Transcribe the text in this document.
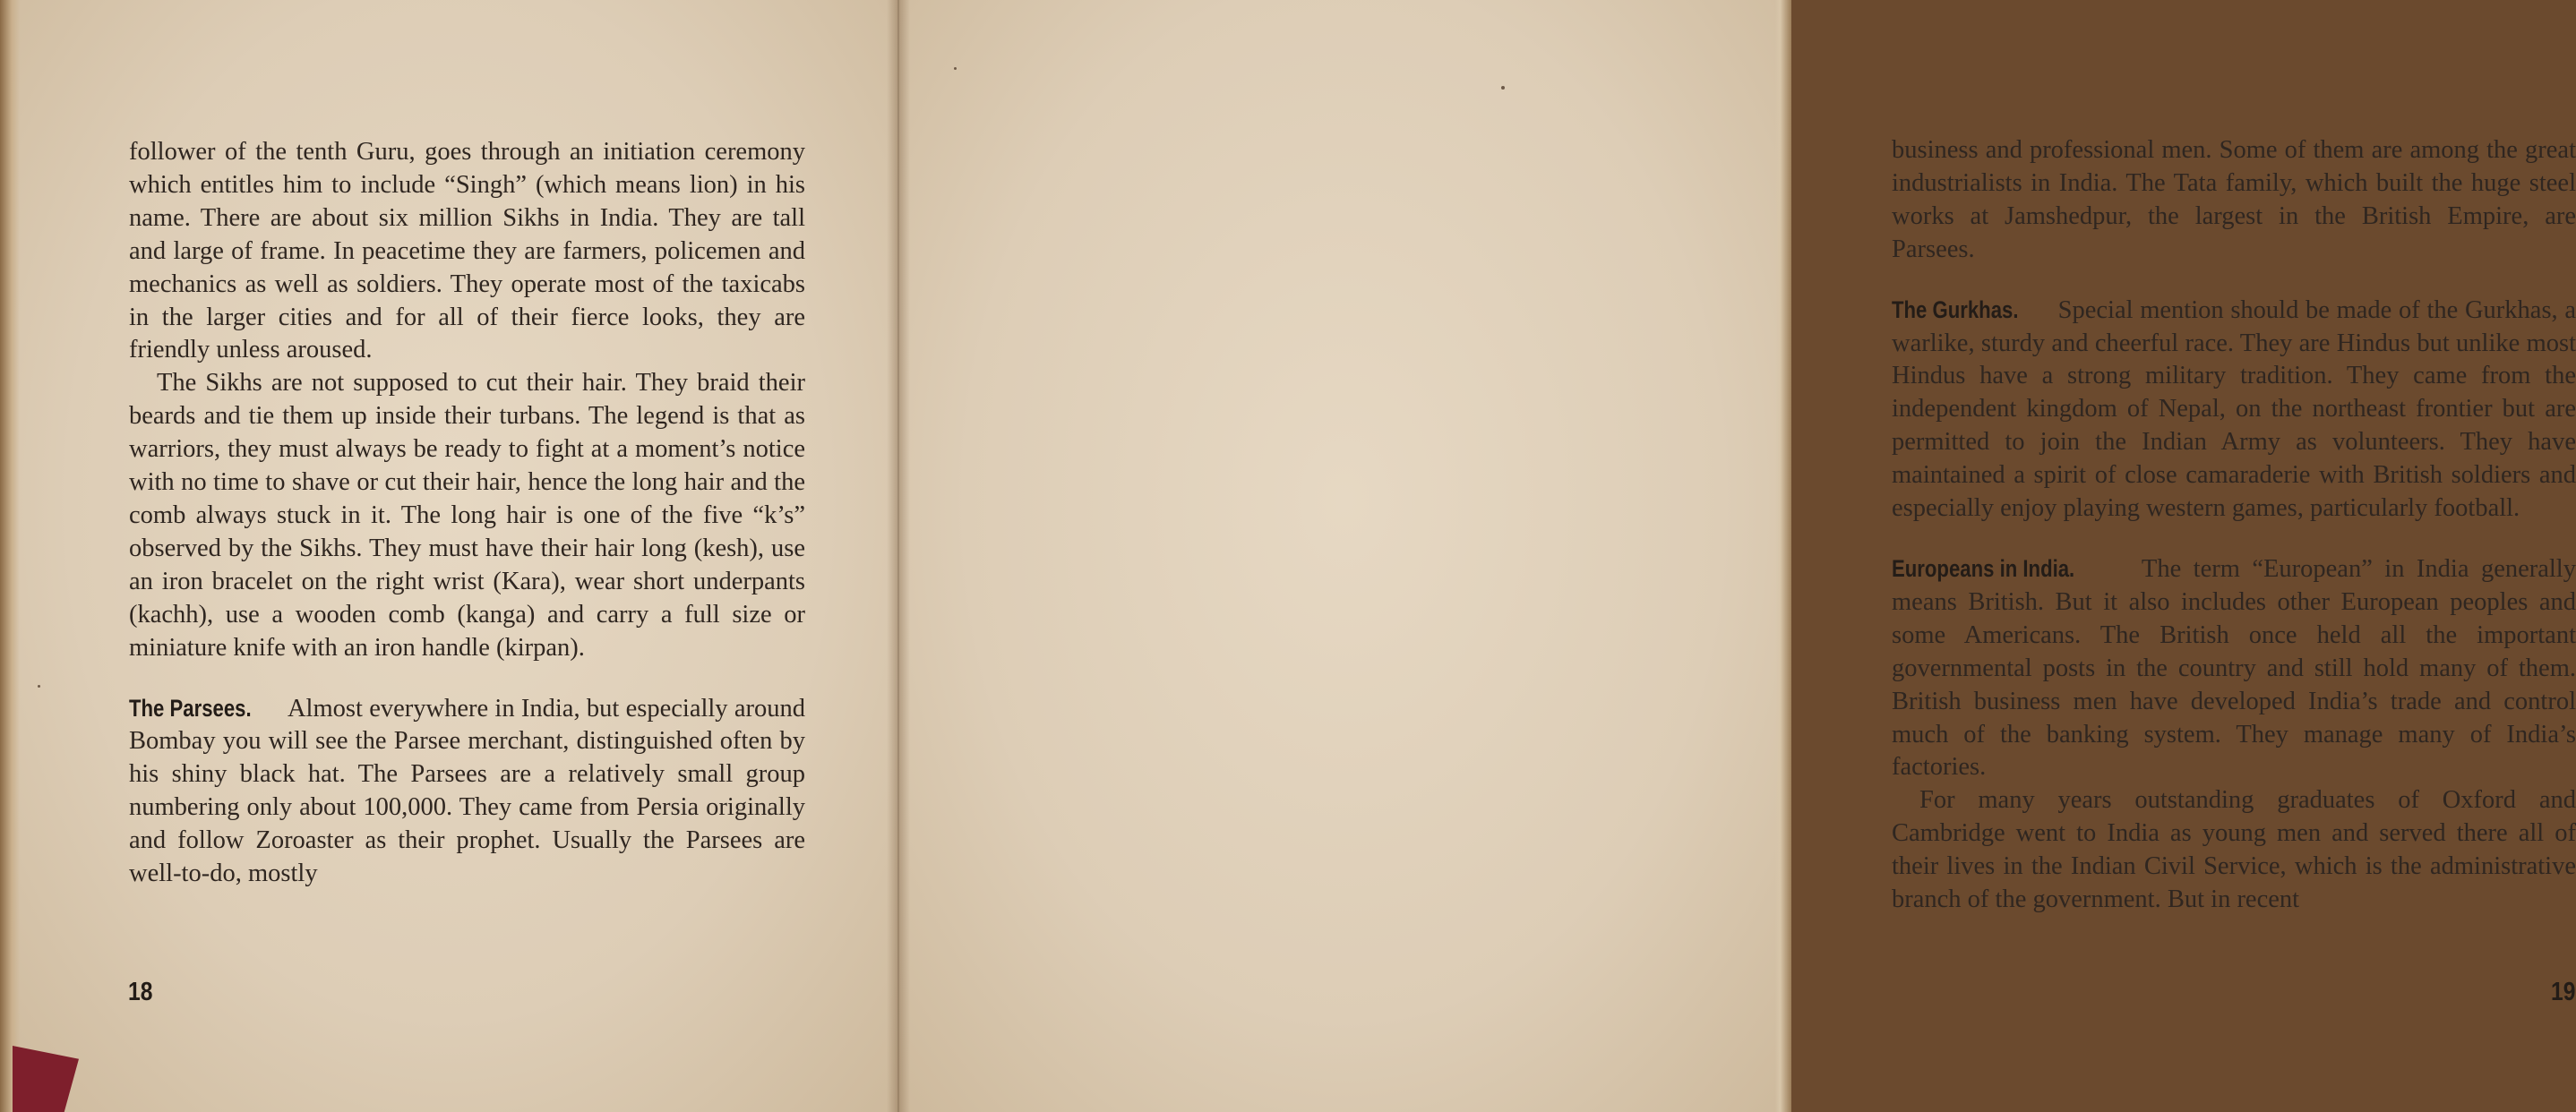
follower of the tenth Guru, goes through an initiation ceremony which entitles him to include “Singh” (which means lion) in his name. There are about six million Sikhs in India. They are tall and large of frame. In peacetime they are farmers, policemen and mechanics as well as soldiers. They operate most of the taxicabs in the larger cities and for all of their fierce looks, they are friendly unless aroused.

The Sikhs are not supposed to cut their hair. They braid their beards and tie them up inside their turbans. The legend is that as warriors, they must always be ready to fight at a moment’s notice with no time to shave or cut their hair, hence the long hair and the comb always stuck in it. The long hair is one of the five “k’s” observed by the Sikhs. They must have their hair long (kesh), use an iron bracelet on the right wrist (Kara), wear short underpants (kachh), use a wooden comb (kanga) and carry a full size or miniature knife with an iron handle (kirpan).

The Parsees. Almost everywhere in India, but especially around Bombay you will see the Parsee merchant, distinguished often by his shiny black hat. The Parsees are a relatively small group numbering only about 100,000. They came from Persia originally and follow Zoroaster as their prophet. Usually the Parsees are well-to-do, mostly

18

business and professional men. Some of them are among the great industrialists in India. The Tata family, which built the huge steel works at Jamshedpur, the largest in the British Empire, are Parsees.

The Gurkhas. Special mention should be made of the Gurkhas, a warlike, sturdy and cheerful race. They are Hindus but unlike most Hindus have a strong military tradition. They came from the independent kingdom of Nepal, on the northeast frontier but are permitted to join the Indian Army as volunteers. They have maintained a spirit of close camaraderie with British soldiers and especially enjoy playing western games, particularly football.

Europeans in India.	The term “European” in India generally means British. But it also includes other European peoples and some Americans. The British once held all the important governmental posts in the country and still hold many of them. British business men have developed India’s trade and control much of the banking system. They manage many of India’s factories.

For many years outstanding graduates of Oxford and Cambridge went to India as young men and served there all of their lives in the Indian Civil Service, which is the administrative branch of the government. But in recent

19
